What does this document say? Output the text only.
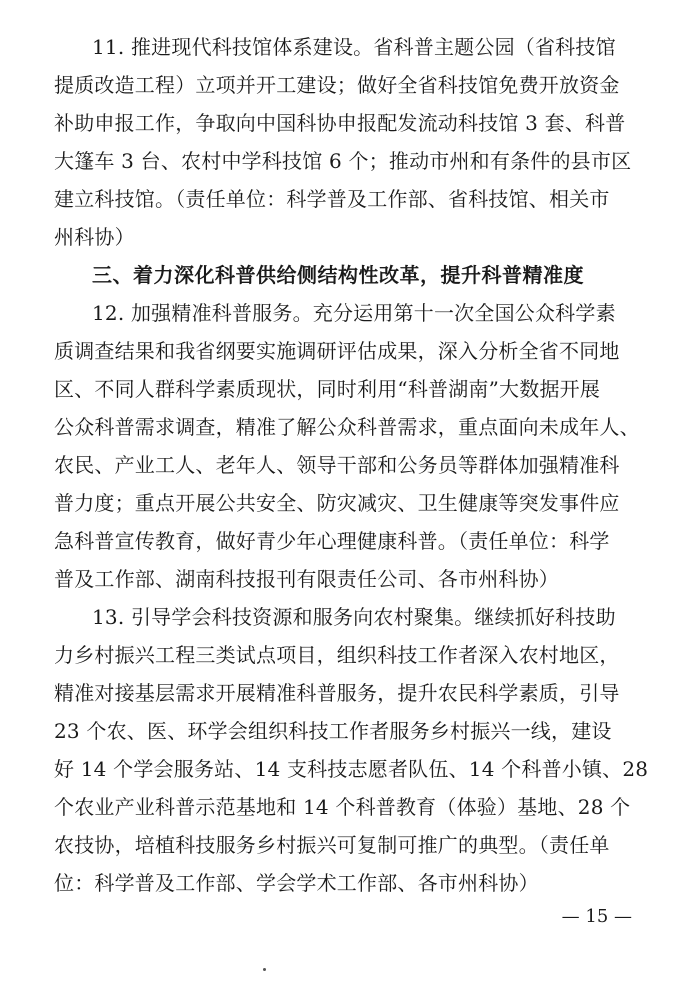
11. 推进现代科技馆体系建设。省科普主题公园（省科技馆
提质改造工程）立项并开工建设；做好全省科技馆免费开放资金
补助申报工作，争取向中国科协申报配发流动科技馆 3 套、科普
大篷车 3 台、农村中学科技馆 6 个；推动市州和有条件的县市区
建立科技馆。（责任单位：科学普及工作部、省科技馆、相关市
州科协）
三、着力深化科普供给侧结构性改革，提升科普精准度
12. 加强精准科普服务。充分运用第十一次全国公众科学素
质调查结果和我省纲要实施调研评估成果，深入分析全省不同地
区、不同人群科学素质现状，同时利用“科普湖南”大数据开展
公众科普需求调查，精准了解公众科普需求，重点面向未成年人、
农民、产业工人、老年人、领导干部和公务员等群体加强精准科
普力度；重点开展公共安全、防灾减灾、卫生健康等突发事件应
急科普宣传教育，做好青少年心理健康科普。（责任单位：科学
普及工作部、湖南科技报刊有限责任公司、各市州科协）
13. 引导学会科技资源和服务向农村聚集。继续抓好科技助
力乡村振兴工程三类试点项目，组织科技工作者深入农村地区，
精准对接基层需求开展精准科普服务，提升农民科学素质，引导
23 个农、医、环学会组织科技工作者服务乡村振兴一线，建设
好 14 个学会服务站、14 支科技志愿者队伍、14 个科普小镇、28
个农业产业科普示范基地和 14 个科普教育（体验）基地、28 个
农技协，培植科技服务乡村振兴可复制可推广的典型。（责任单
位：科学普及工作部、学会学术工作部、各市州科协）
— 15 —
